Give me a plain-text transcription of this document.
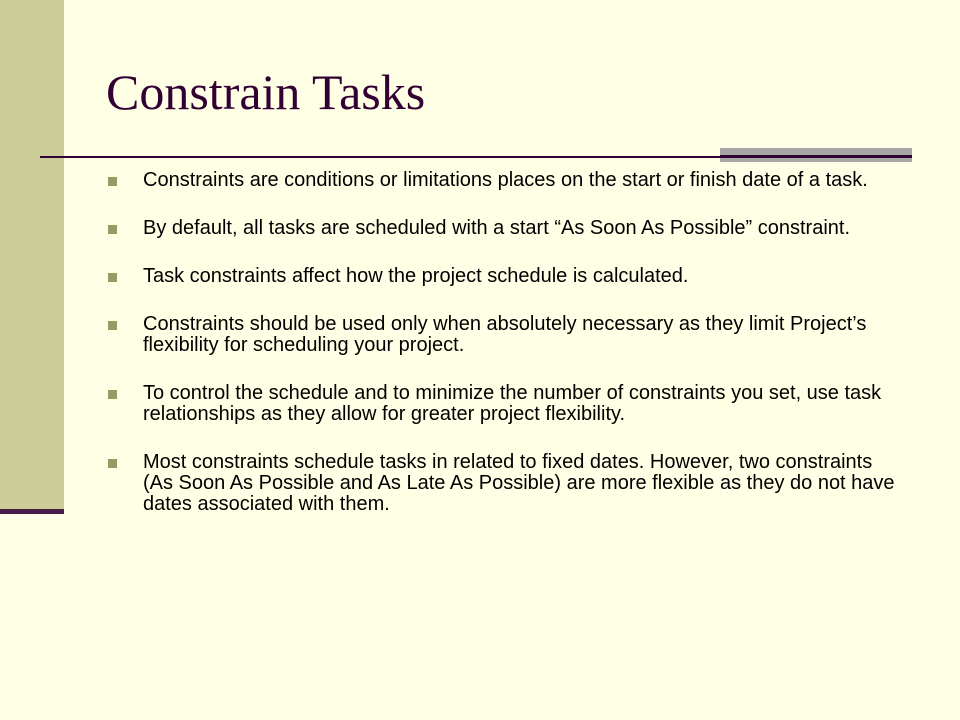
Constrain Tasks
Constraints are conditions or limitations places on the start or finish date of a task.
By default, all tasks are scheduled with a start “As Soon As Possible” constraint.
Task constraints affect how the project schedule is calculated.
Constraints should be used only when absolutely necessary as they limit Project’s flexibility for scheduling your project.
To control the schedule and to minimize the number of constraints you set, use task relationships as they allow for greater project flexibility.
Most constraints schedule tasks in related to fixed dates. However, two constraints (As Soon As Possible and As Late As Possible) are more flexible as they do not have dates associated with them.
